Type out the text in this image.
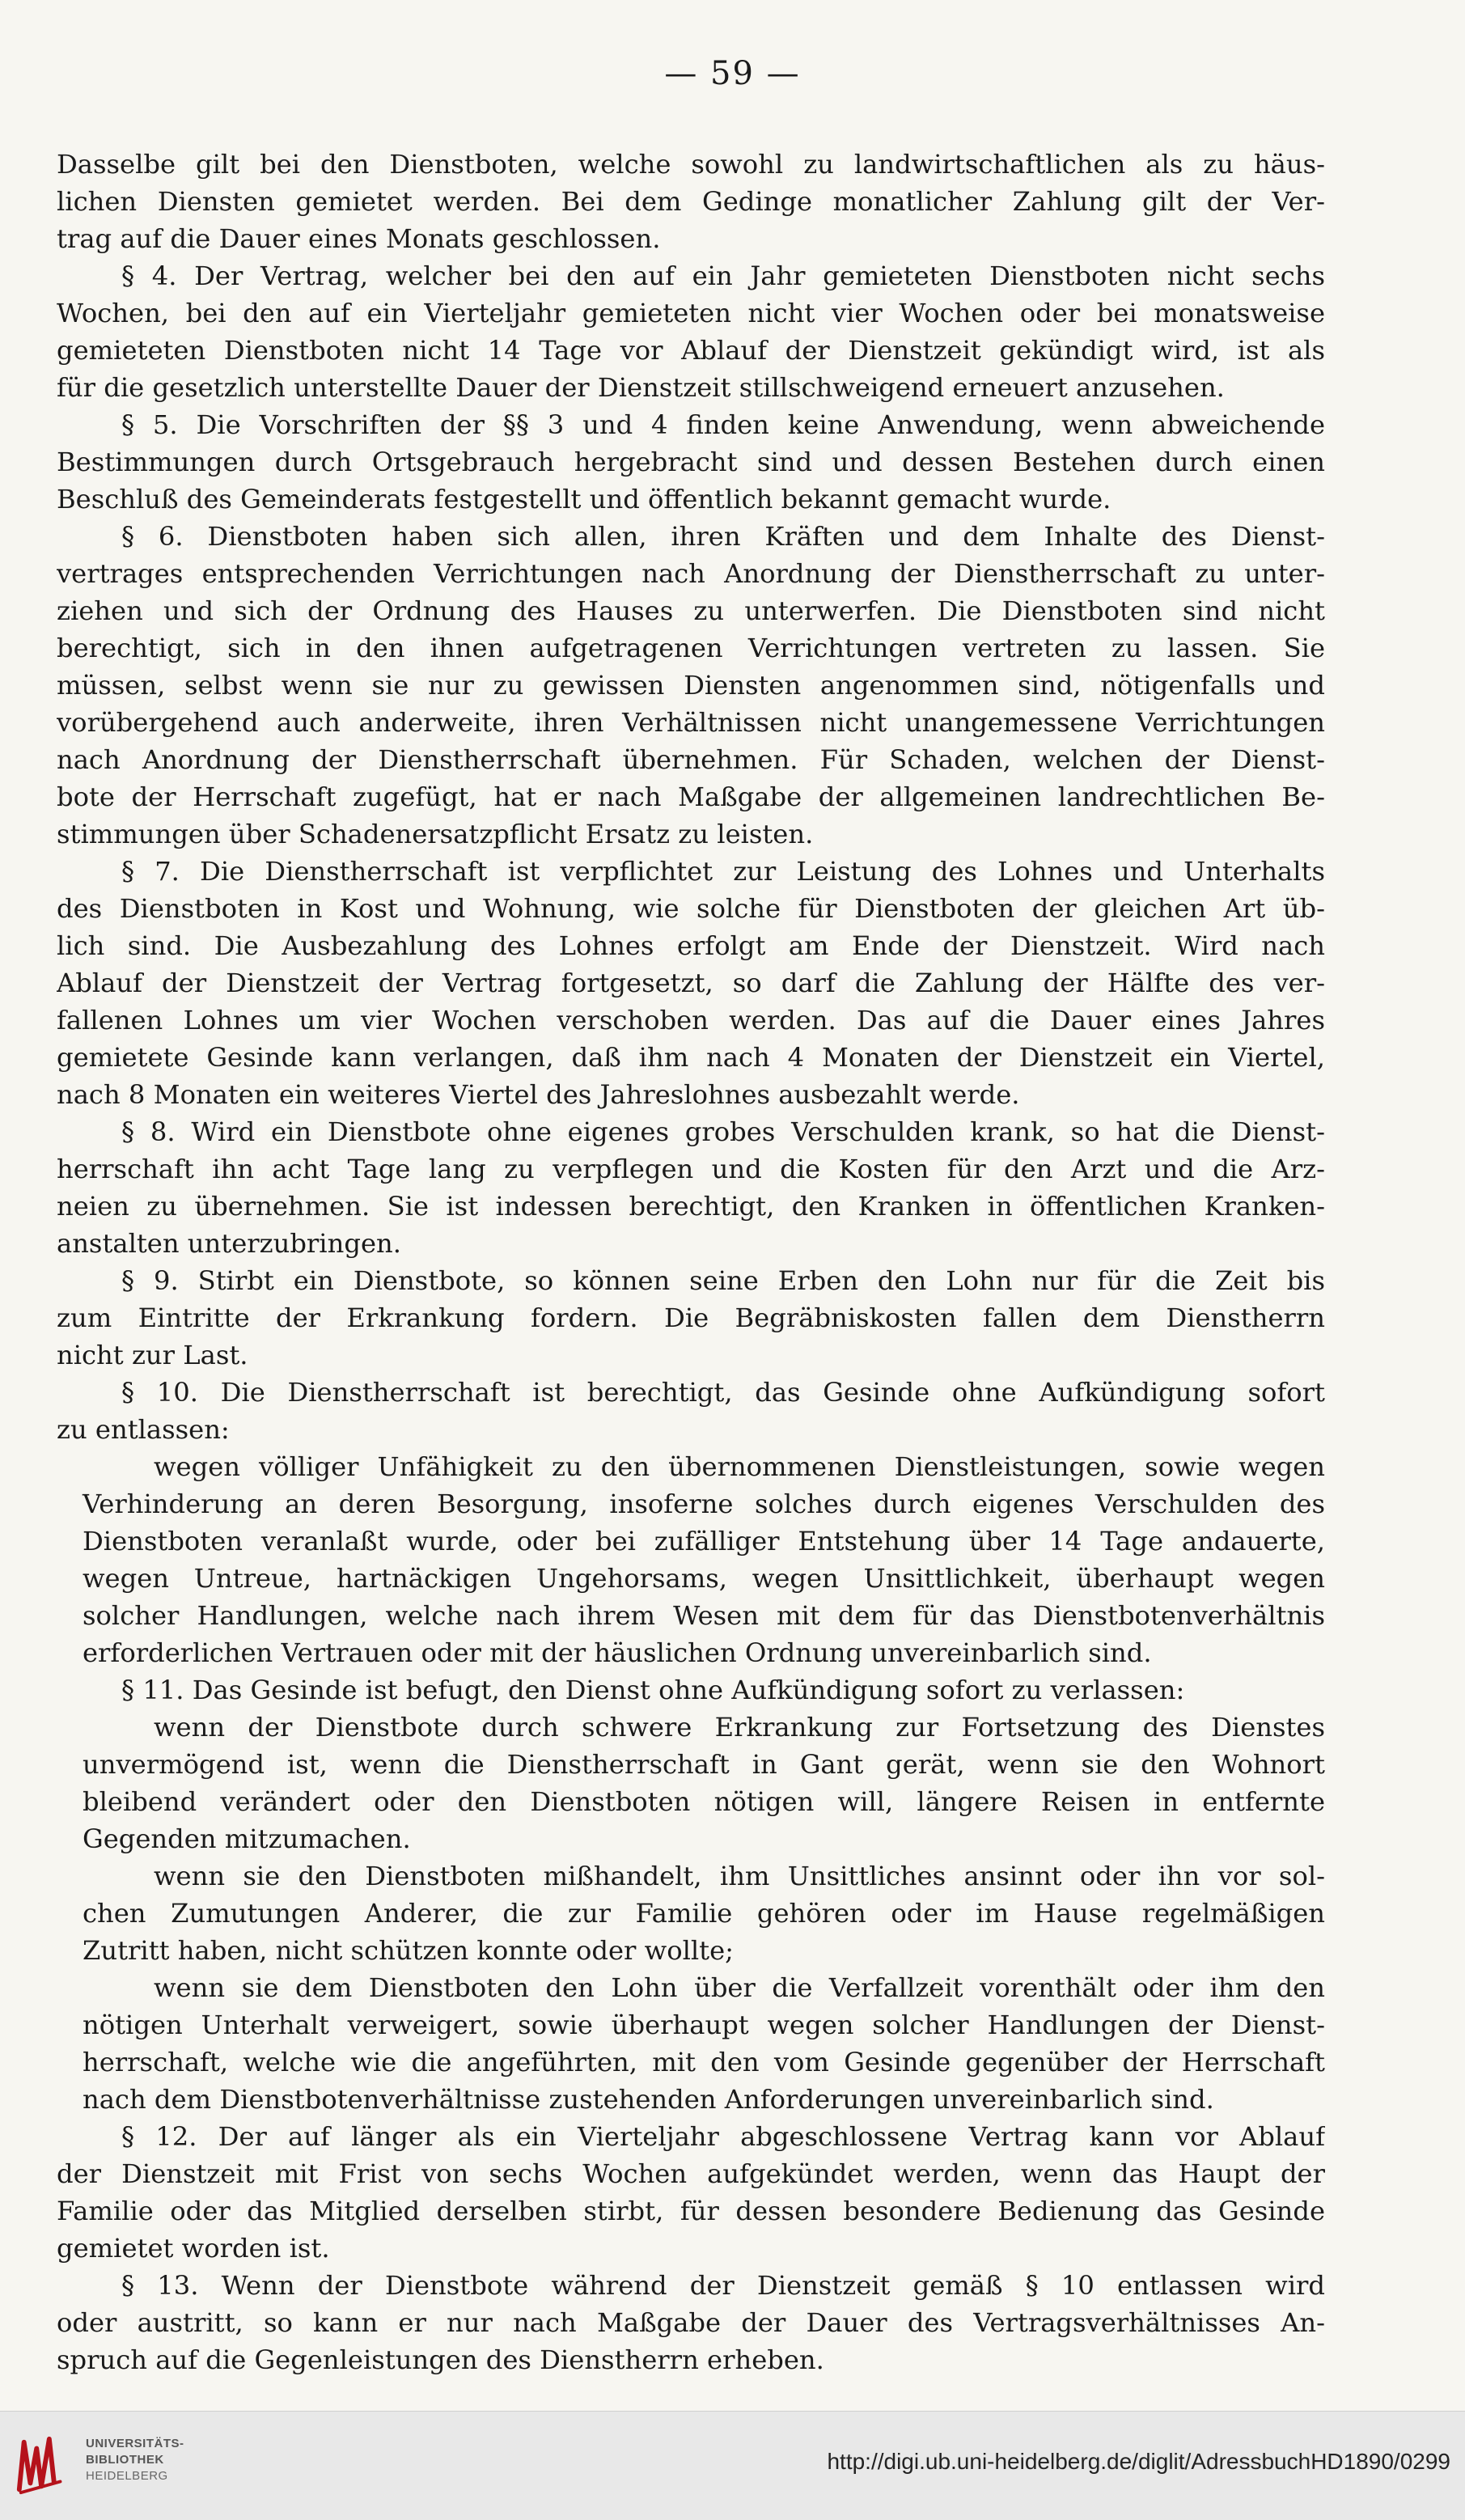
— 59 —
Dasselbe gilt bei den Dienstboten, welche sowohl zu landwirtschaftlichen als zu häus-
lichen Diensten gemietet werden. Bei dem Gedinge monatlicher Zahlung gilt der Ver-
trag auf die Dauer eines Monats geschlossen.
§ 4. Der Vertrag, welcher bei den auf ein Jahr gemieteten Dienstboten nicht sechs
Wochen, bei den auf ein Vierteljahr gemieteten nicht vier Wochen oder bei monatsweise
gemieteten Dienstboten nicht 14 Tage vor Ablauf der Dienstzeit gekündigt wird, ist als
für die gesetzlich unterstellte Dauer der Dienstzeit stillschweigend erneuert anzusehen.
§ 5. Die Vorschriften der §§ 3 und 4 finden keine Anwendung, wenn abweichende
Bestimmungen durch Ortsgebrauch hergebracht sind und dessen Bestehen durch einen
Beschluß des Gemeinderats festgestellt und öffentlich bekannt gemacht wurde.
§ 6. Dienstboten haben sich allen, ihren Kräften und dem Inhalte des Dienst-
vertrages entsprechenden Verrichtungen nach Anordnung der Dienstherrschaft zu unter-
ziehen und sich der Ordnung des Hauses zu unterwerfen. Die Dienstboten sind nicht
berechtigt, sich in den ihnen aufgetragenen Verrichtungen vertreten zu lassen. Sie
müssen, selbst wenn sie nur zu gewissen Diensten angenommen sind, nötigenfalls und
vorübergehend auch anderweite, ihren Verhältnissen nicht unangemessene Verrichtungen
nach Anordnung der Dienstherrschaft übernehmen. Für Schaden, welchen der Dienst-
bote der Herrschaft zugefügt, hat er nach Maßgabe der allgemeinen landrechtlichen Be-
stimmungen über Schadenersatzpflicht Ersatz zu leisten.
§ 7. Die Dienstherrschaft ist verpflichtet zur Leistung des Lohnes und Unterhalts
des Dienstboten in Kost und Wohnung, wie solche für Dienstboten der gleichen Art üb-
lich sind. Die Ausbezahlung des Lohnes erfolgt am Ende der Dienstzeit. Wird nach
Ablauf der Dienstzeit der Vertrag fortgesetzt, so darf die Zahlung der Hälfte des ver-
fallenen Lohnes um vier Wochen verschoben werden. Das auf die Dauer eines Jahres
gemietete Gesinde kann verlangen, daß ihm nach 4 Monaten der Dienstzeit ein Viertel,
nach 8 Monaten ein weiteres Viertel des Jahreslohnes ausbezahlt werde.
§ 8. Wird ein Dienstbote ohne eigenes grobes Verschulden krank, so hat die Dienst-
herrschaft ihn acht Tage lang zu verpflegen und die Kosten für den Arzt und die Arz-
neien zu übernehmen. Sie ist indessen berechtigt, den Kranken in öffentlichen Kranken-
anstalten unterzubringen.
§ 9. Stirbt ein Dienstbote, so können seine Erben den Lohn nur für die Zeit bis
zum Eintritte der Erkrankung fordern. Die Begräbniskosten fallen dem Dienstherrn
nicht zur Last.
§ 10. Die Dienstherrschaft ist berechtigt, das Gesinde ohne Aufkündigung sofort
zu entlassen:
wegen völliger Unfähigkeit zu den übernommenen Dienstleistungen, sowie wegen
Verhinderung an deren Besorgung, insoferne solches durch eigenes Verschulden des
Dienstboten veranlaßt wurde, oder bei zufälliger Entstehung über 14 Tage andauerte,
wegen Untreue, hartnäckigen Ungehorsams, wegen Unsittlichkeit, überhaupt wegen
solcher Handlungen, welche nach ihrem Wesen mit dem für das Dienstbotenverhältnis
erforderlichen Vertrauen oder mit der häuslichen Ordnung unvereinbarlich sind.
§ 11. Das Gesinde ist befugt, den Dienst ohne Aufkündigung sofort zu verlassen:
wenn der Dienstbote durch schwere Erkrankung zur Fortsetzung des Dienstes
unvermögend ist, wenn die Dienstherrschaft in Gant gerät, wenn sie den Wohnort
bleibend verändert oder den Dienstboten nötigen will, längere Reisen in entfernte
Gegenden mitzumachen.
wenn sie den Dienstboten mißhandelt, ihm Unsittliches ansinnt oder ihn vor sol-
chen Zumutungen Anderer, die zur Familie gehören oder im Hause regelmäßigen
Zutritt haben, nicht schützen konnte oder wollte;
wenn sie dem Dienstboten den Lohn über die Verfallzeit vorenthält oder ihm den
nötigen Unterhalt verweigert, sowie überhaupt wegen solcher Handlungen der Dienst-
herrschaft, welche wie die angeführten, mit den vom Gesinde gegenüber der Herrschaft
nach dem Dienstbotenverhältnisse zustehenden Anforderungen unvereinbarlich sind.
§ 12. Der auf länger als ein Vierteljahr abgeschlossene Vertrag kann vor Ablauf
der Dienstzeit mit Frist von sechs Wochen aufgekündet werden, wenn das Haupt der
Familie oder das Mitglied derselben stirbt, für dessen besondere Bedienung das Gesinde
gemietet worden ist.
§ 13. Wenn der Dienstbote während der Dienstzeit gemäß § 10 entlassen wird
oder austritt, so kann er nur nach Maßgabe der Dauer des Vertragsverhältnisses An-
spruch auf die Gegenleistungen des Dienstherrn erheben.
UNIVERSITÄTS-
BIBLIOTHEK
HEIDELBERG
http://digi.ub.uni-heidelberg.de/diglit/AdressbuchHD1890/0299
